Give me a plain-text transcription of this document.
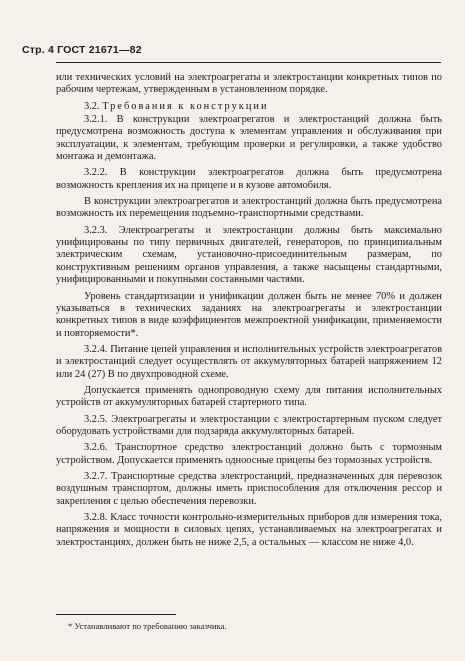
Стр. 4 ГОСТ 21671—82

или технических условий на электроагрегаты и электростанции конкретных типов по рабочим чертежам, утвержденным в установленном порядке.

3.2. Требования к конструкции

3.2.1. В конструкции электроагрегатов и электростанций должна быть предусмотрена возможность доступа к элементам управления и обслуживания при эксплуатации, к элементам, требующим проверки и регулировки, а также удобство монтажа и демонтажа.

3.2.2. В конструкции электроагрегатов должна быть предусмотрена возможность крепления их на прицепе и в кузове автомобиля.

В конструкции электроагрегатов и электростанций должна быть предусмотрена возможность их перемещения подъемно-транспортными средствами.

3.2.3. Электроагрегаты и электростанции должны быть максимально унифицированы по типу первичных двигателей, генераторов, по принципиальным электрическим схемам, установочно-присоединительным размерам, по конструктивным решениям органов управления, а также насыщены стандартными, унифицированными и покупными составными частями.

Уровень стандартизации и унификации должен быть не менее 70% и должен указываться в технических заданиях на электроагрегаты и электростанции конкретных типов в виде коэффициентов межпроектной унификации, применяемости и повторяемости*.

3.2.4. Питание цепей управления и исполнительных устройств электроагрегатов и электростанций следует осуществлять от аккумуляторных батарей напряжением 12 или 24 (27) В по двухпроводной схеме.

Допускается применять однопроводную схему для питания исполнительных устройств от аккумуляторных батарей стартерного типа.

3.2.5. Электроагрегаты и электростанции с электростартерным пуском следует оборудовать устройствами для подзаряда аккумуляторных батарей.

3.2.6. Транспортное средство электростанций должно быть с тормозным устройством. Допускается применять одноосные прицепы без тормозных устройств.

3.2.7. Транспортные средства электростанций, предназначенных для перевозок воздушным транспортом, должны иметь приспособления для отключения рессор и закрепления с целью обеспечения перевозки.

3.2.8. Класс точности контрольно-измерительных приборов для измерения тока, напряжения и мощности в силовых цепях, устанавливаемых на электроагрегатах и электростанциях, должен быть не ниже 2,5, а остальных — классом не ниже 4,0.

* Устанавливают по требованию заказчика.
